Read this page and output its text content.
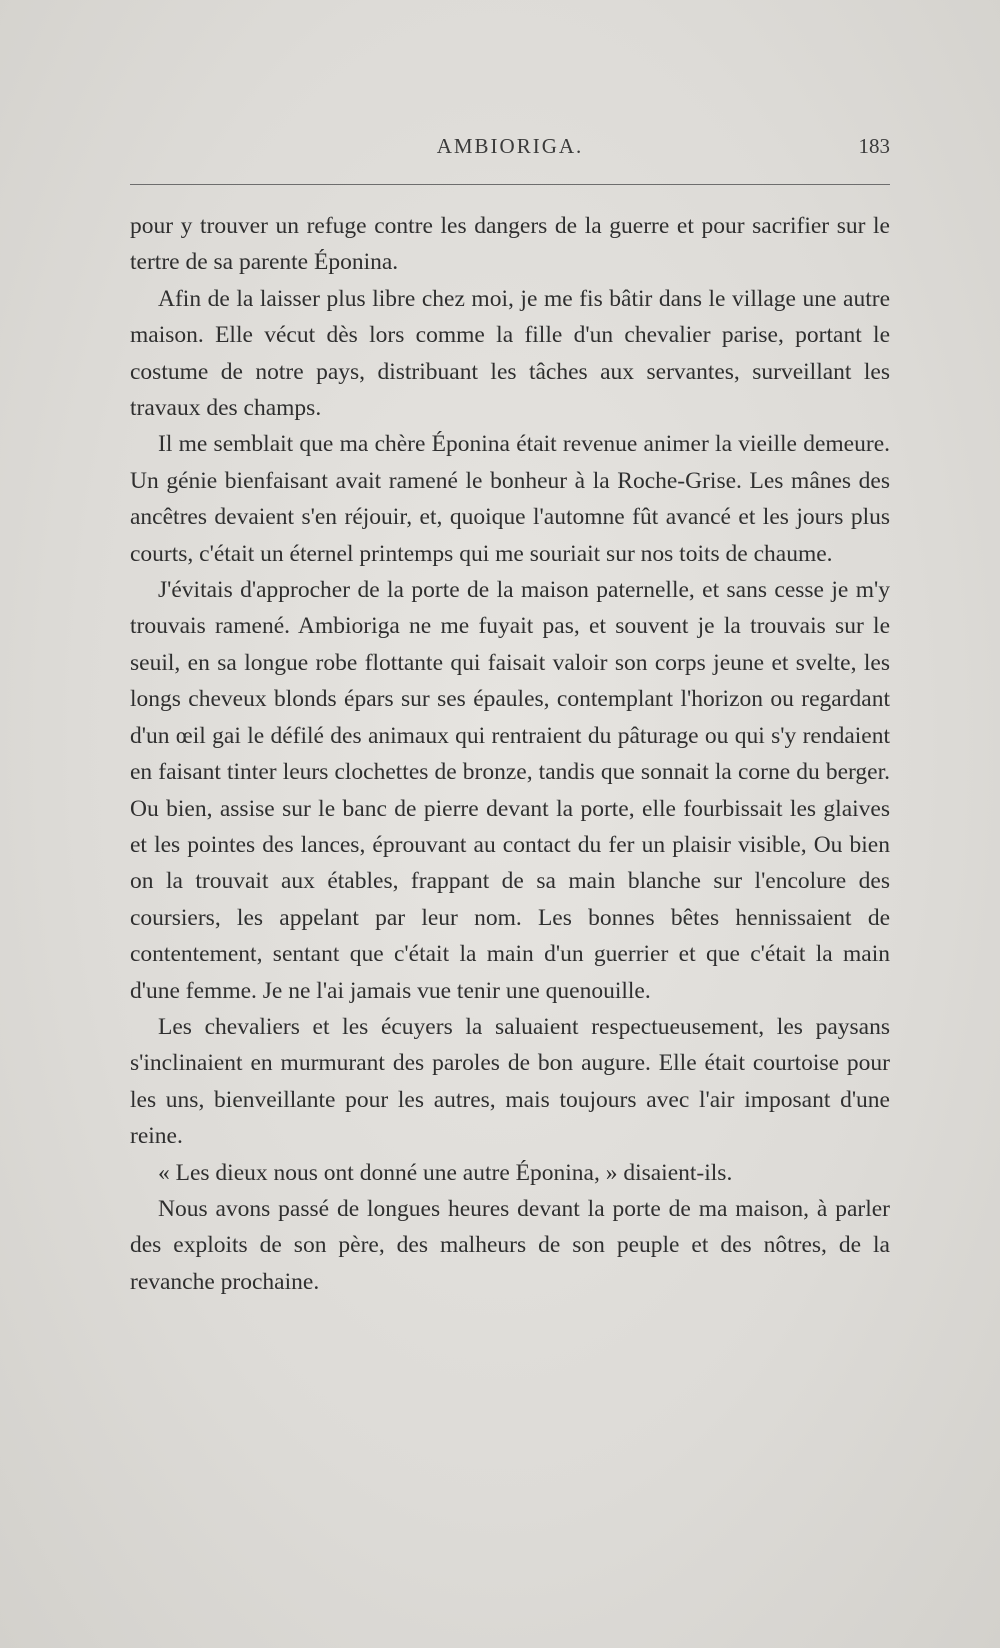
AMBIORIGA.	183

pour y trouver un refuge contre les dangers de la guerre et pour sacrifier sur le tertre de sa parente Éponina.

Afin de la laisser plus libre chez moi, je me fis bâtir dans le village une autre maison. Elle vécut dès lors comme la fille d'un chevalier parise, portant le costume de notre pays, distribuant les tâches aux servantes, surveillant les travaux des champs.

Il me semblait que ma chère Éponina était revenue animer la vieille demeure. Un génie bienfaisant avait ramené le bonheur à la Roche-Grise. Les mânes des ancêtres devaient s'en réjouir, et, quoique l'automne fût avancé et les jours plus courts, c'était un éternel printemps qui me souriait sur nos toits de chaume.

J'évitais d'approcher de la porte de la maison paternelle, et sans cesse je m'y trouvais ramené. Ambioriga ne me fuyait pas, et souvent je la trouvais sur le seuil, en sa longue robe flottante qui faisait valoir son corps jeune et svelte, les longs cheveux blonds épars sur ses épaules, contemplant l'horizon ou regardant d'un œil gai le défilé des animaux qui rentraient du pâturage ou qui s'y rendaient en faisant tinter leurs clochettes de bronze, tandis que sonnait la corne du berger. Ou bien, assise sur le banc de pierre devant la porte, elle fourbissait les glaives et les pointes des lances, éprouvant au contact du fer un plaisir visible, Ou bien on la trouvait aux étables, frappant de sa main blanche sur l'encolure des coursiers, les appelant par leur nom. Les bonnes bêtes hennissaient de contentement, sentant que c'était la main d'un guerrier et que c'était la main d'une femme. Je ne l'ai jamais vue tenir une quenouille.

Les chevaliers et les écuyers la saluaient respectueusement, les paysans s'inclinaient en murmurant des paroles de bon augure. Elle était courtoise pour les uns, bienveillante pour les autres, mais toujours avec l'air imposant d'une reine.

« Les dieux nous ont donné une autre Éponina, » disaient-ils.

Nous avons passé de longues heures devant la porte de ma maison, à parler des exploits de son père, des malheurs de son peuple et des nôtres, de la revanche prochaine.
